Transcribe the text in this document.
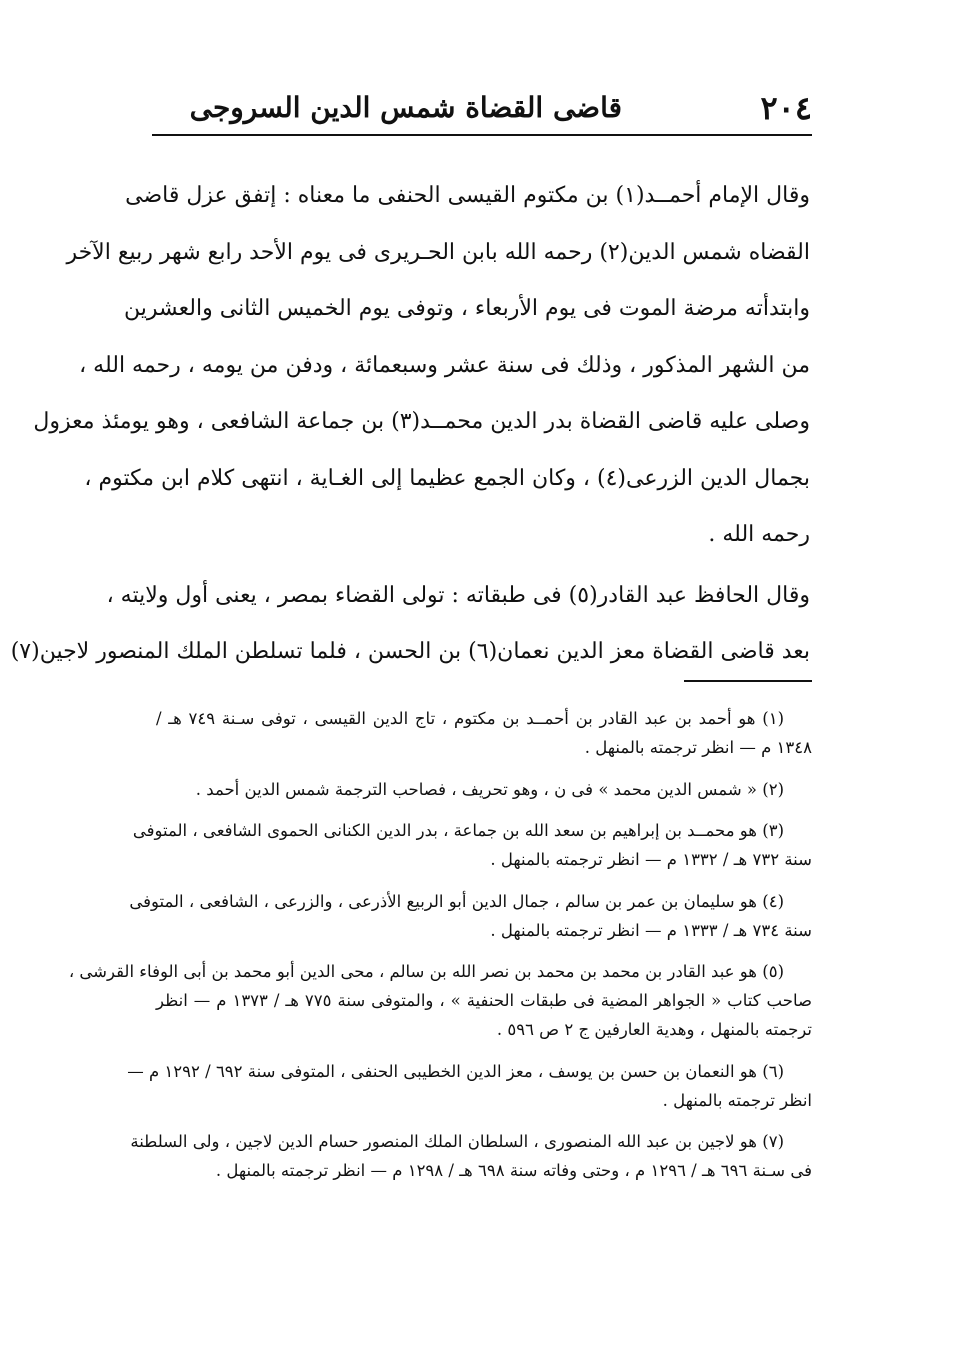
٢٠٤
قاضى القضاة شمس الدين السروجى

وقال الإمام أحمــد(١) بن مكتوم القيسى الحنفى ما معناه : إتفق عزل قاضى
القضاه شمس الدين(٢) رحمه الله بابن الحـريرى فى يوم الأحد رابع شهر ربيع الآخر
وابتدأته مرضة الموت فى يوم الأربعاء ، وتوفى يوم الخميس الثانى والعشرين
من الشهر المذكور ، وذلك فى سنة عشر وسبعمائة ، ودفن من يومه ، رحمه الله ،
وصلى عليه قاضى القضاة بدر الدين محمــد(٣) بن جماعة الشافعى ، وهو يومئذ معزول
بجمال الدين الزرعى(٤) ، وكان الجمع عظيما إلى الغـاية ، انتهى كلام ابن مكتوم ،
رحمه الله .

وقال الحافظ عبد القادر(٥) فى طبقاته : تولى القضاء بمصر ، يعنى أول ولايته ،
بعد قاضى القضاة معز الدين نعمان(٦) بن الحسن ، فلما تسلطن الملك المنصور لاجين(٧)

(١) هو أحمد بن عبد القادر بن أحمــد بن مكتوم ، تاج الدين القيسى ، توفى سـنة ٧٤٩ هـ /
١٣٤٨ م — انظر ترجمته بالمنهل .

(٢) « شمس الدين محمد » فى ن ، وهو تحريف ، فصاحب الترجمة شمس الدين أحمد .

(٣) هو محمــد بن إبراهيم بن سعد الله بن جماعة ، بدر الدين الكنانى الحموى الشافعى ، المتوفى
سنة ٧٣٢ هـ / ١٣٣٢ م — انظر ترجمته بالمنهل .

(٤) هو سليمان بن عمر بن سالم ، جمال الدين أبو الربيع الأذرعى ، والزرعى ، الشافعى ، المتوفى
سنة ٧٣٤ هـ / ١٣٣٣ م — انظر ترجمته بالمنهل .

(٥) هو عبد القادر بن محمد بن محمد بن نصر الله بن سالم ، محى الدين أبو محمد بن أبى الوفاء القرشى ،
صاحب كتاب « الجواهر المضية فى طبقات الحنفية » ، والمتوفى سنة ٧٧٥ هـ / ١٣٧٣ م — انظر
ترجمته بالمنهل ، وهدية العارفين ج ٢ ص ٥٩٦ .

(٦) هو النعمان بن حسن بن يوسف ، معز الدين الخطيبى الحنفى ، المتوفى سنة ٦٩٢ / ١٢٩٢ م —
انظر ترجمته بالمنهل .

(٧) هو لاجين بن عبد الله المنصورى ، السلطان الملك المنصور حسام الدين لاجين ، ولى السلطنة
فى سـنة ٦٩٦ هـ / ١٢٩٦ م ، وحتى وفاته سنة ٦٩٨ هـ / ١٢٩٨ م — انظر ترجمته بالمنهل .
